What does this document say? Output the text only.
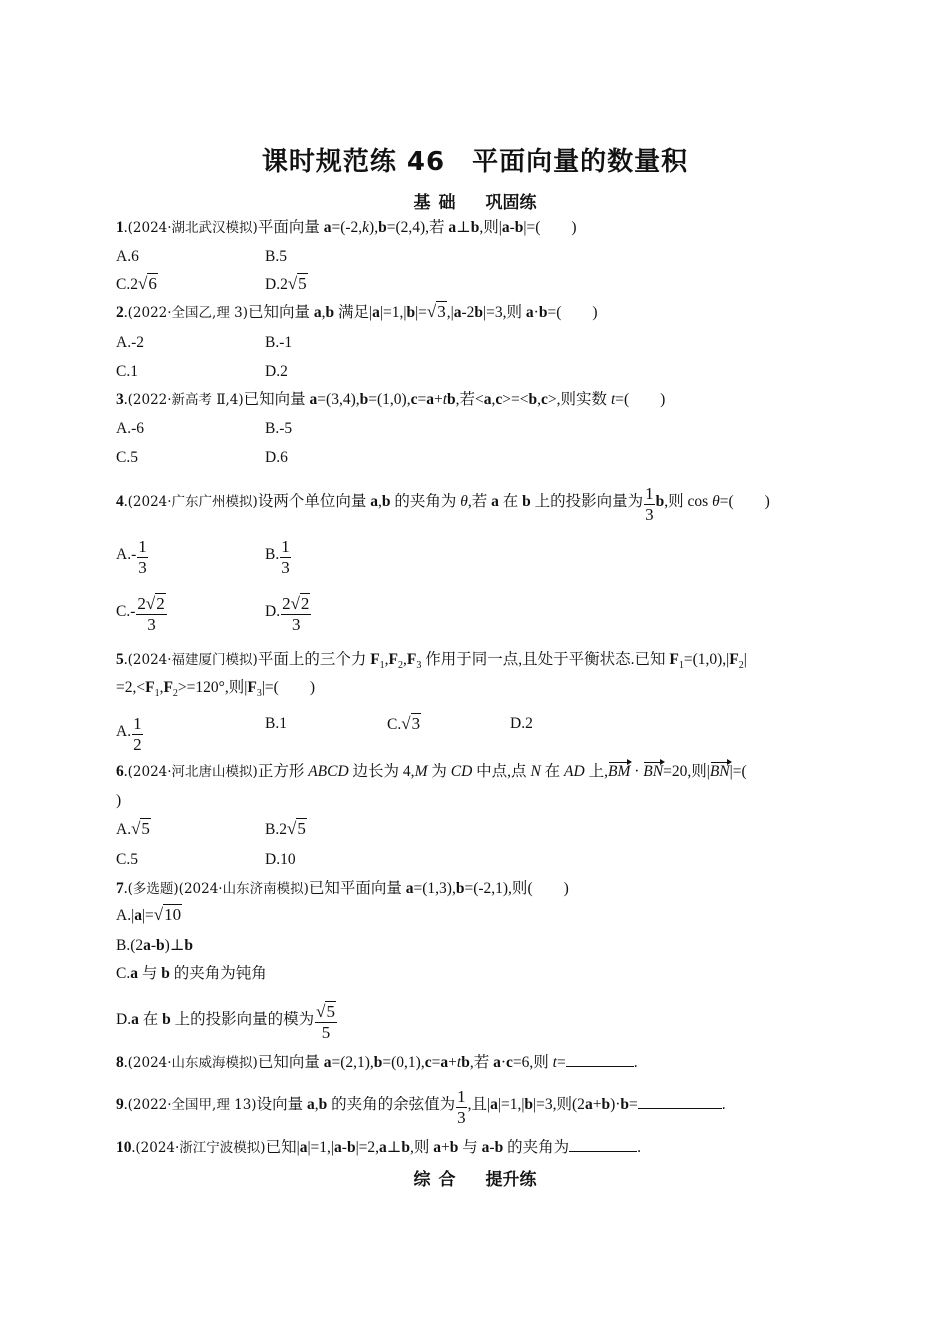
课时规范练 46　平面向量的数量积
基础 巩固练
1.(2024·湖北武汉模拟)平面向量 a=(-2,k),b=(2,4),若 a⊥b,则|a-b|=(　　)
A.6	B.5
C.2√6	D.2√5
2.(2022·全国乙,理 3)已知向量 a,b 满足|a|=1,|b|=√3,|a-2b|=3,则 a·b=(　　)
A.-2	B.-1
C.1	D.2
3.(2022·新高考 Ⅱ,4)已知向量 a=(3,4),b=(1,0),c=a+tb,若<a,c>=<b,c>,则实数 t=(　　)
A.-6	B.-5
C.5	D.6
4.(2024·广东广州模拟)设两个单位向量 a,b 的夹角为 θ,若 a 在 b 上的投影向量为 $\frac{1}{3} b$,则 cos θ=(　　)
$A.- \frac{1}{3}$	B. $\frac{1}{3}$
$C.- \frac{2√2}{3}$	D. $\frac{2√2}{3}$
5.(2024·福建厦门模拟)平面上的三个力 $F_1,F_2,F_3$ 作用于同一点,且处于平衡状态.已知 $F_1=(1,0),|F_2|$
$=2,<F_1,F_2>=120^\circ$,则$|F_3|=$(　　)
A. $\frac{1}{2}$	B.1	C.√3	D.2
6.(2024·河北唐山模拟)正方形 ABCD 边长为 4,M 为 CD 中点,点 N 在 AD 上,BM · BN=20,则|BN|=(
)
A.√5	B.2√5
C.5	D.10
7.(多选题)(2024·山东济南模拟)已知平面向量 a=(1,3),b=(-2,1),则(　　)
A.|a|=√10
B.(2a-b)⊥b
C.a 与 b 的夹角为钝角
D.a 在 b 上的投影向量的模为 $\frac{√5}{5}$
8.(2024·山东威海模拟)已知向量 a=(2,1),b=(0,1),c=a+tb,若 a·c=6,则 t=	.
9.(2022·全国甲,理 13)设向量 a,b 的夹角的余弦值为 $\frac{1}{3}$ ,且|a|=1,|b|=3,则(2a+b)·b=	.
10.(2024·浙江宁波模拟)已知|a|=1,|a-b|=2,a⊥b,则 a+b 与 a-b 的夹角为	.
综合 提升练
